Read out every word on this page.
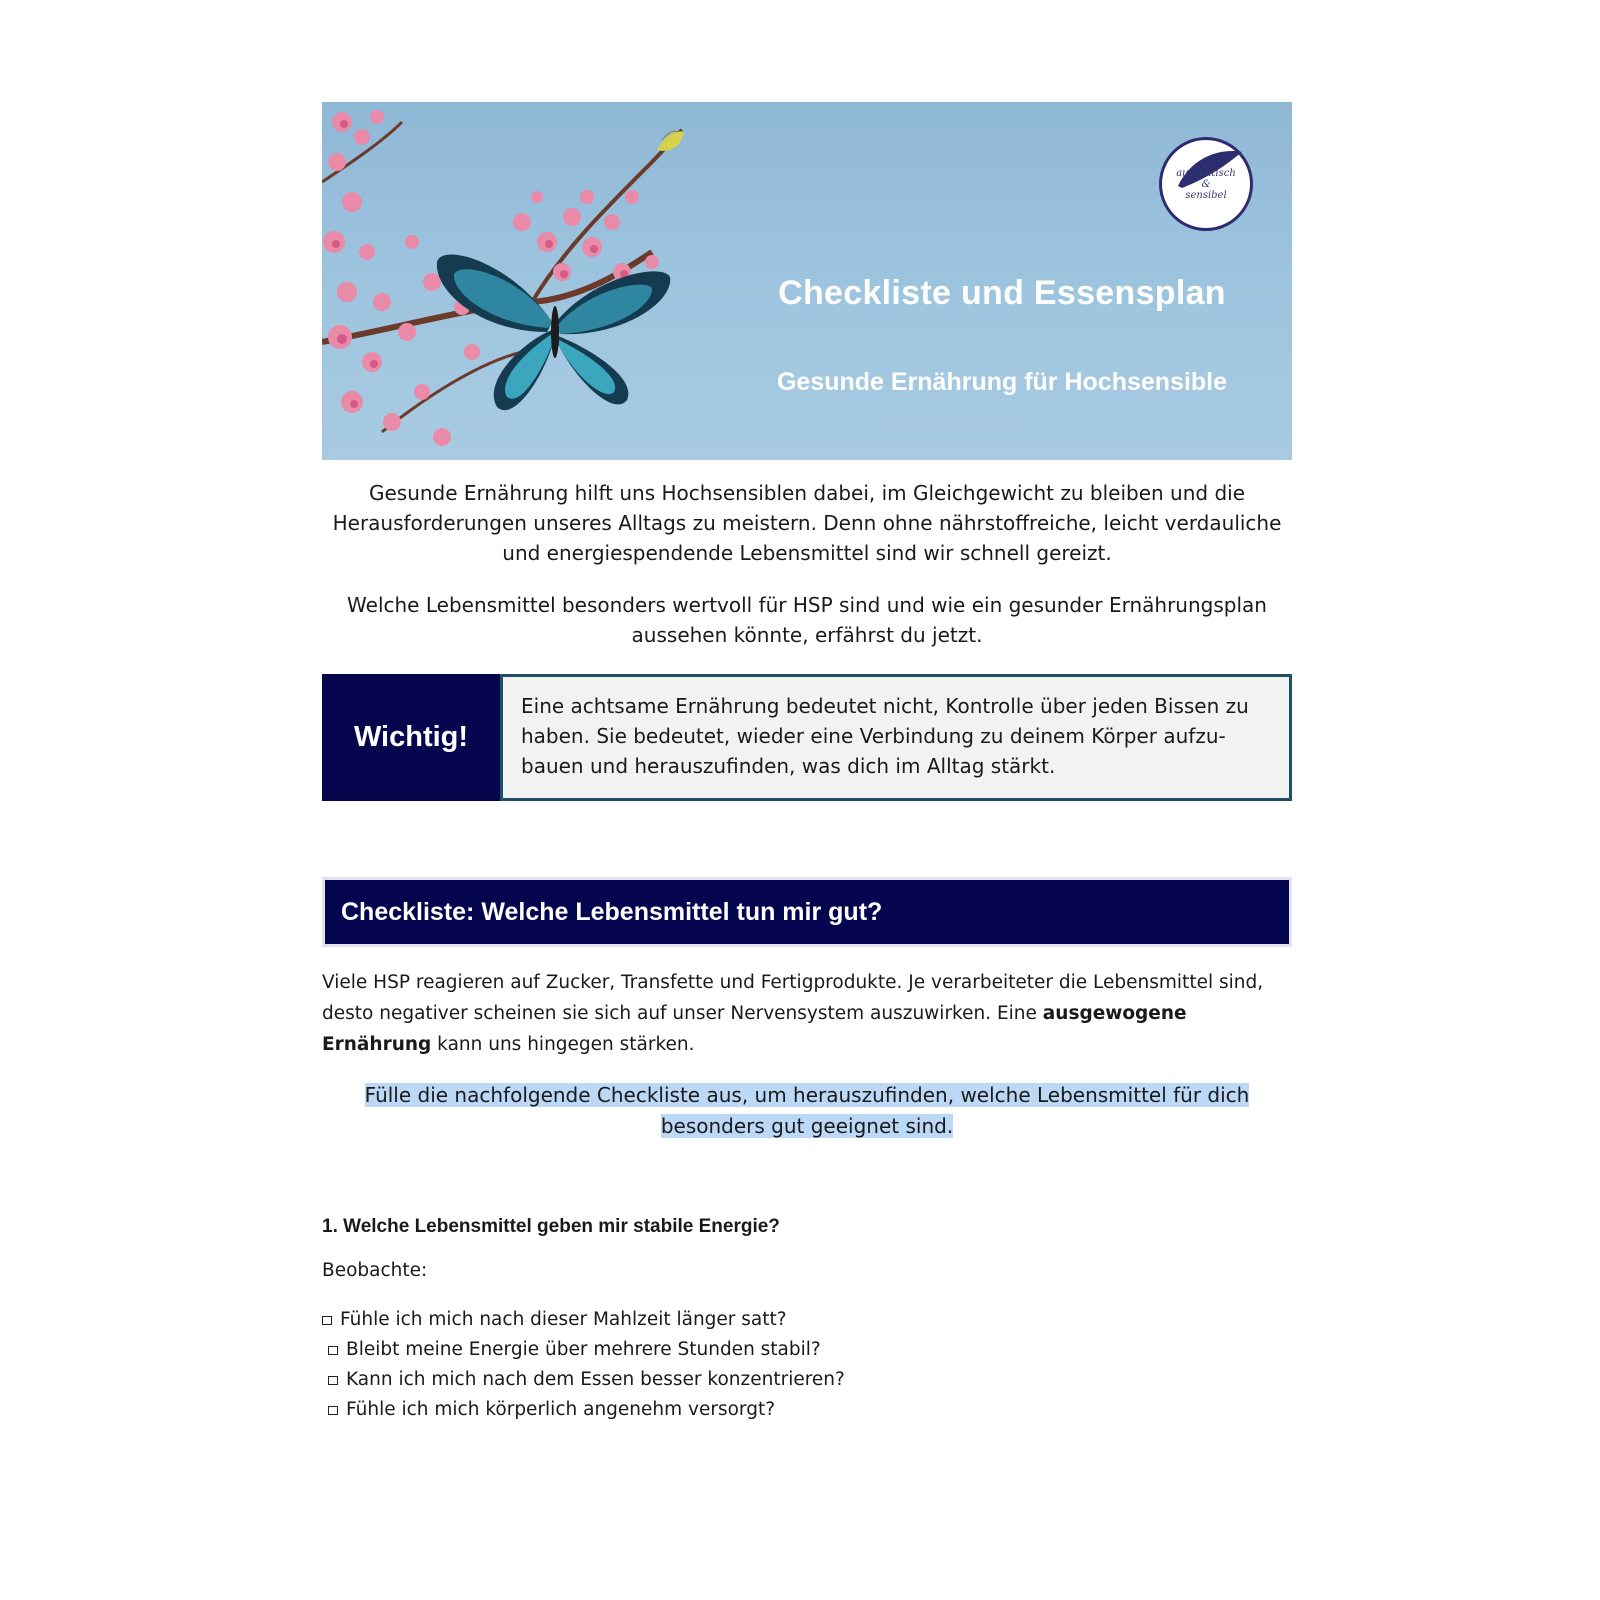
authentisch
&
sensibel
Checkliste und Essensplan
Gesunde Ernährung für Hochsensible

Gesunde Ernährung hilft uns Hochsensiblen dabei, im Gleichgewicht zu bleiben und die Herausforderungen unseres Alltags zu meistern. Denn ohne nährstoffreiche, leicht verdauliche und energiespendende Lebensmittel sind wir schnell gereizt.

Welche Lebensmittel besonders wertvoll für HSP sind und wie ein gesunder Ernährungsplan aussehen könnte, erfährst du jetzt.

Wichtig!
Eine achtsame Ernährung bedeutet nicht, Kontrolle über jeden Bissen zu haben. Sie bedeutet, wieder eine Verbindung zu deinem Körper aufzu-bauen und herauszufinden, was dich im Alltag stärkt.
Checkliste: Welche Lebensmittel tun mir gut?

Viele HSP reagieren auf Zucker, Transfette und Fertigprodukte. Je verarbeiteter die Lebensmittel sind, desto negativer scheinen sie sich auf unser Nervensystem auszuwirken. Eine ausgewogene Ernährung kann uns hingegen stärken.

Fülle die nachfolgende Checkliste aus, um herauszufinden, welche Lebensmittel für dich besonders gut geeignet sind.
1. Welche Lebensmittel geben mir stabile Energie?
Beobachte:
Fühle ich mich nach dieser Mahlzeit länger satt?
Bleibt meine Energie über mehrere Stunden stabil?
Kann ich mich nach dem Essen besser konzentrieren?
Fühle ich mich körperlich angenehm versorgt?
